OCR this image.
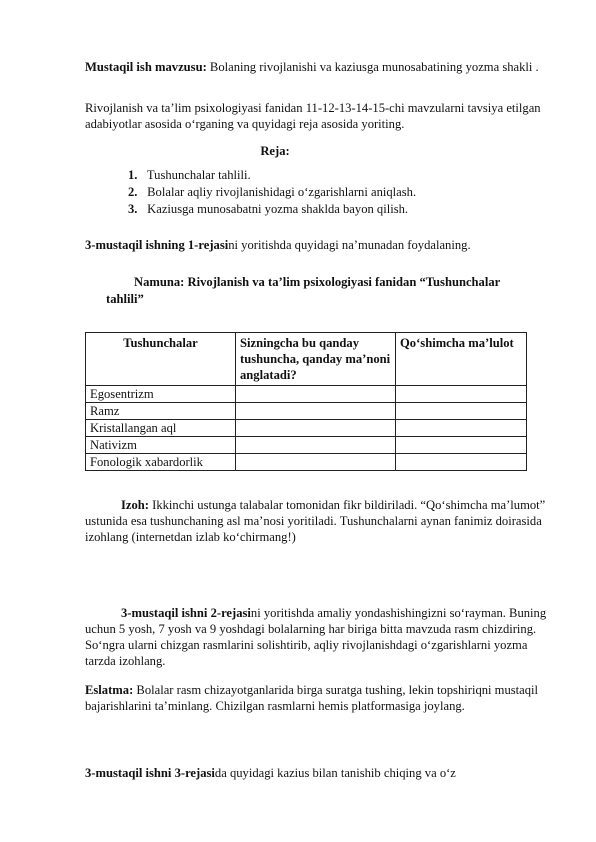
Mustaqil ish mavzusu: Bolaning rivojlanishi va kaziusga munosabatining yozma shakli .

Rivojlanish va ta’lim psixologiyasi fanidan 11-12-13-14-15-chi mavzularni tavsiya etilgan adabiyotlar asosida o‘rganing va quyidagi reja asosida yoriting.

Reja:

1. Tushunchalar tahlili.
2. Bolalar aqliy rivojlanishidagi o‘zgarishlarni aniqlash.
3. Kaziusga munosabatni yozma shaklda bayon qilish.

3-mustaqil ishning 1-rejasini yoritishda quyidagi na’munadan foydalaning.

Namuna: Rivojlanish va ta’lim psixologiyasi fanidan “Tushunchalar

tahlili”

Tushunchalar	Sizningcha bu qanday tushuncha, qanday ma’noni anglatadi?	Qo‘shimcha ma’lulot
Egosentrizm		
Ramz		
Kristallangan aql		
Nativizm		
Fonologik xabardorlik		

Izoh: Ikkinchi ustunga talabalar tomonidan fikr bildiriladi. “Qo‘shimcha ma’lumot” ustunida esa tushunchaning asl ma’nosi yoritiladi. Tushunchalarni aynan fanimiz doirasida izohlang (internetdan izlab ko‘chirmang!)

3-mustaqil ishni 2-rejasini yoritishda amaliy yondashishingizni so‘rayman. Buning uchun 5 yosh, 7 yosh va 9 yoshdagi bolalarning har biriga bitta mavzuda rasm chizdiring. So‘ngra ularni chizgan rasmlarini solishtirib, aqliy rivojlanishdagi o‘zgarishlarni yozma tarzda izohlang.

Eslatma: Bolalar rasm chizayotganlarida birga suratga tushing, lekin topshiriqni mustaqil bajarishlarini ta’minlang. Chizilgan rasmlarni hemis platformasiga joylang.

3-mustaqil ishni 3-rejasida quyidagi kazius bilan tanishib chiqing va o‘z
